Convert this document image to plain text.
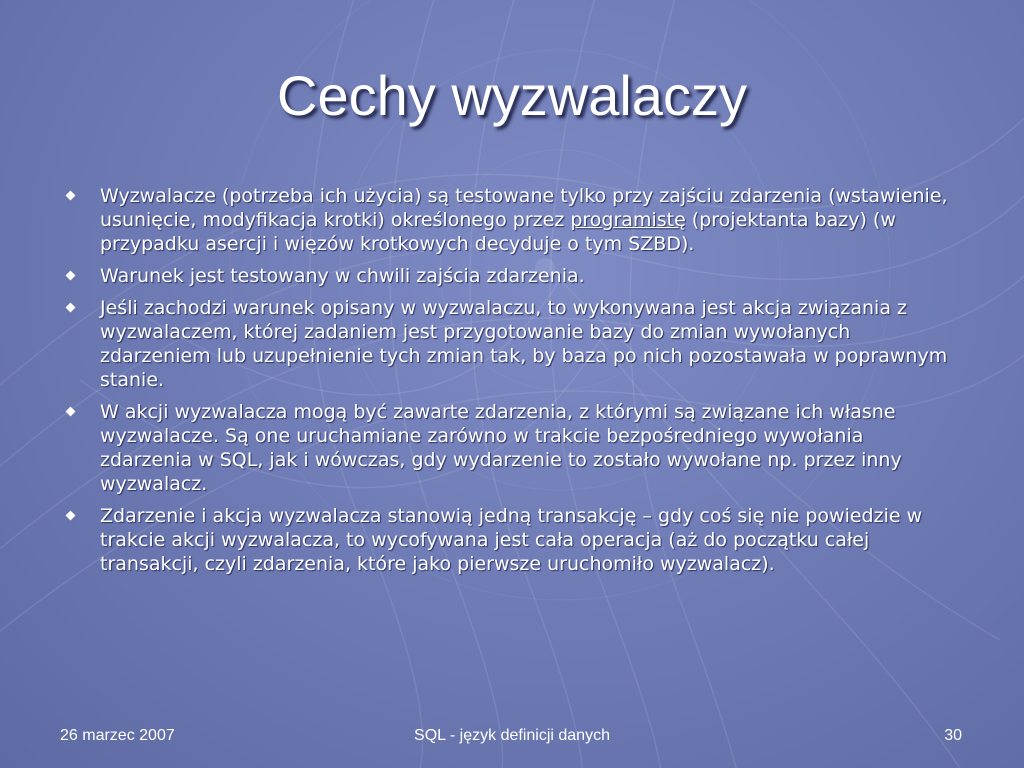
Cechy wyzwalaczy
Wyzwalacze (potrzeba ich użycia) są testowane tylko przy zajściu zdarzenia (wstawienie, usunięcie, modyfikacja krotki) określonego przez programistę (projektanta bazy) (w przypadku asercji i więzów krotkowych decyduje o tym SZBD).
Warunek jest testowany w chwili zajścia zdarzenia.
Jeśli zachodzi warunek opisany w wyzwalaczu, to wykonywana jest akcja związania z wyzwalaczem, której zadaniem jest przygotowanie bazy do zmian wywołanych zdarzeniem lub uzupełnienie tych zmian tak, by baza po nich pozostawała w poprawnym stanie.
W akcji wyzwalacza mogą być zawarte zdarzenia, z którymi są związane ich własne wyzwalacze. Są one uruchamiane zarówno w trakcie bezpośredniego wywołania zdarzenia w SQL, jak i wówczas, gdy wydarzenie to zostało wywołane np. przez inny wyzwalacz.
Zdarzenie i akcja wyzwalacza stanowią jedną transakcję – gdy coś się nie powiedzie w trakcie akcji wyzwalacza, to wycofywana jest cała operacja (aż do początku całej transakcji, czyli zdarzenia, które jako pierwsze uruchomiło wyzwalacz).
26 marzec 2007	SQL - język definicji danych	30
